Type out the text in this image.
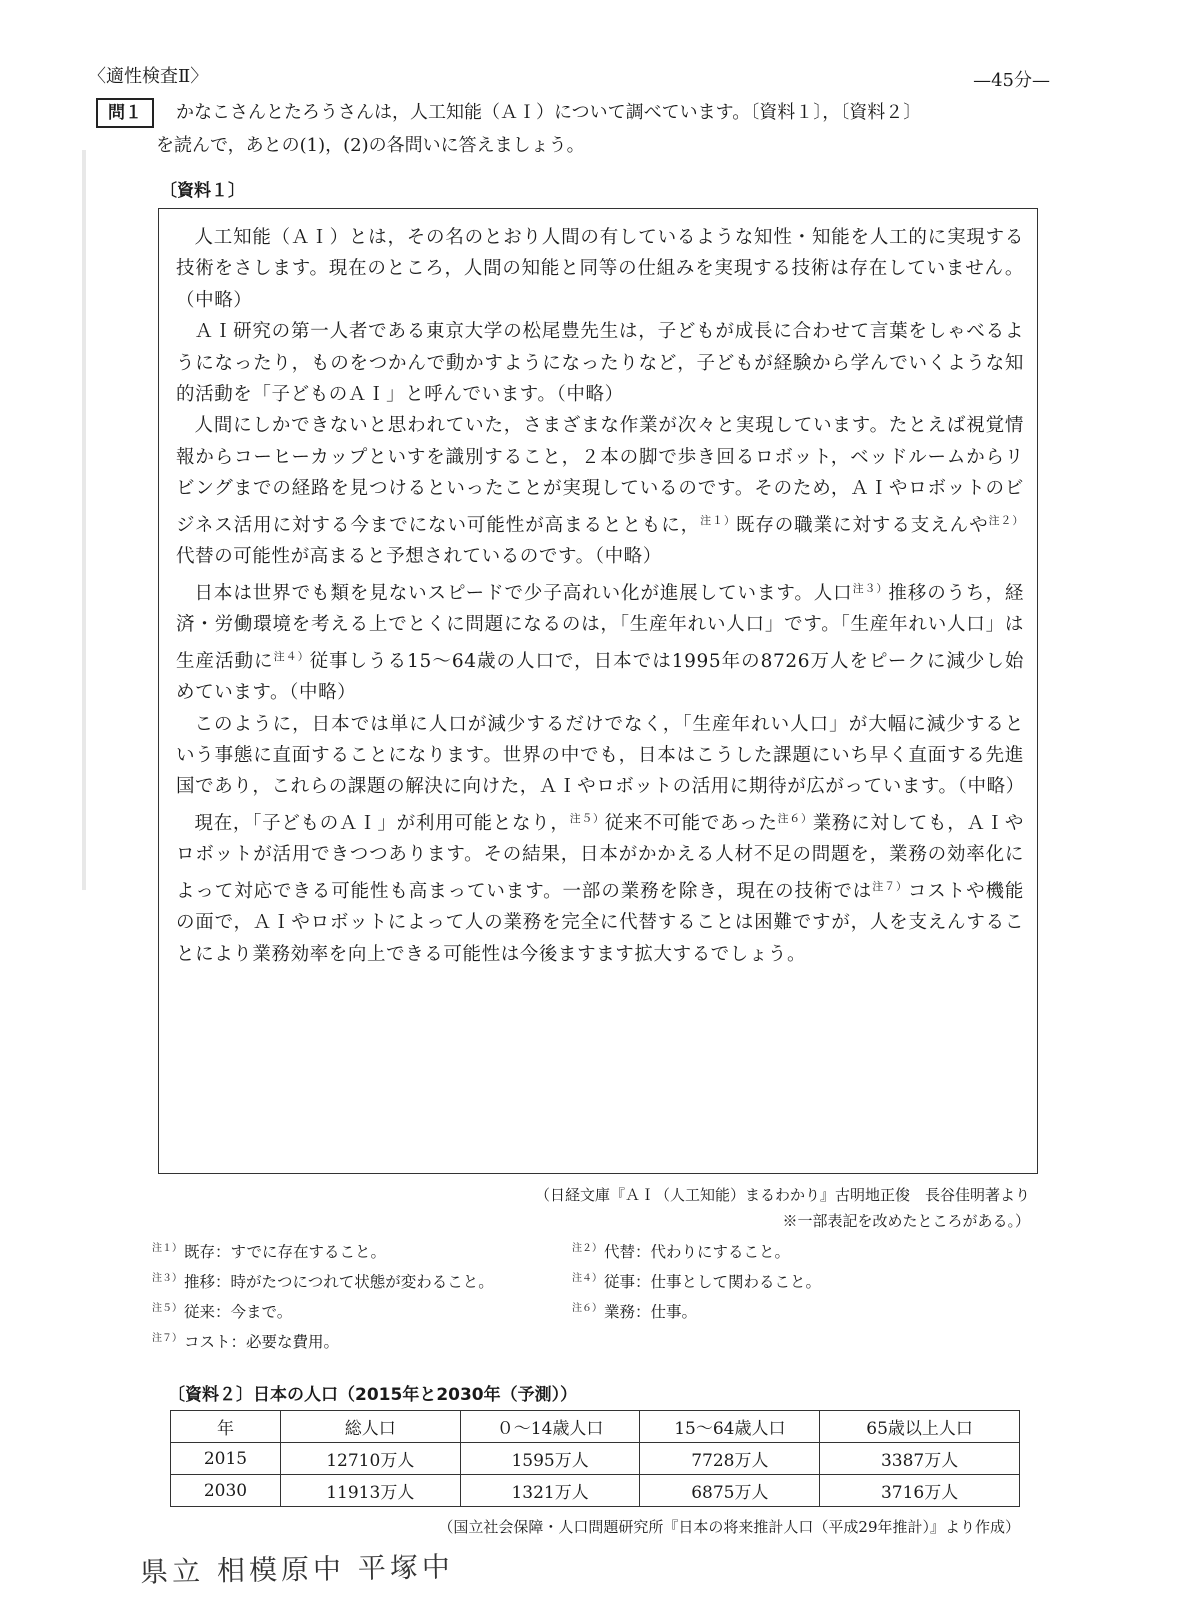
〈適性検査Ⅱ〉	—45分—
問１ かなこさんとたろうさんは，人工知能（ＡＩ）について調べています。〔資料１〕，〔資料２〕
を読んで，あとの(1)，(2)の各問いに答えましょう。
〔資料１〕

人工知能（ＡＩ）とは，その名のとおり人間の有しているような知性・知能を人工的に実現する技術をさします。現在のところ，人間の知能と同等の仕組みを実現する技術は存在していません。（中略）

ＡＩ研究の第一人者である東京大学の松尾豊先生は，子どもが成長に合わせて言葉をしゃべるようになったり，ものをつかんで動かすようになったりなど，子どもが経験から学んでいくような知的活動を「子どものＡＩ」と呼んでいます。（中略）

人間にしかできないと思われていた，さまざまな作業が次々と実現しています。たとえば視覚情報からコーヒーカップといすを識別すること，２本の脚で歩き回るロボット，ベッドルームからリビングまでの経路を見つけるといったことが実現しているのです。そのため，ＡＩやロボットのビジネス活用に対する今までにない可能性が高まるとともに，$^{注1)}$既存の職業に対する支えんや$^{注2)}$代替の可能性が高まると予想されているのです。（中略）

日本は世界でも類を見ないスピードで少子高れい化が進展しています。人口$^{注3)}$推移のうち，経済・労働環境を考える上でとくに問題になるのは，「生産年れい人口」です。「生産年れい人口」は生産活動に$^{注4)}$従事しうる15～64歳の人口で，日本では1995年の8726万人をピークに減少し始めています。（中略）

このように，日本では単に人口が減少するだけでなく，「生産年れい人口」が大幅に減少するという事態に直面することになります。世界の中でも，日本はこうした課題にいち早く直面する先進国であり，これらの課題の解決に向けた，ＡＩやロボットの活用に期待が広がっています。（中略）

現在，「子どものＡＩ」が利用可能となり，$^{注5)}$従来不可能であった$^{注6)}$業務に対しても，ＡＩやロボットが活用できつつあります。その結果，日本がかかえる人材不足の問題を，業務の効率化によって対応できる可能性も高まっています。一部の業務を除き，現在の技術では$^{注7)}$コストや機能の面で，ＡＩやロボットによって人の業務を完全に代替することは困難ですが，人を支えんすることにより業務効率を向上できる可能性は今後ますます拡大するでしょう。

（日経文庫『ＡＩ（人工知能）まるわかり』古明地正俊　長谷佳明著より
※一部表記を改めたところがある。）
$^{注1)}$ 既存：すでに存在すること。	$^{注2)}$ 代替：代わりにすること。
$^{注3)}$ 推移：時がたつにつれて状態が変わること。	$^{注4)}$ 従事：仕事として関わること。
$^{注5)}$ 従来：今まで。	$^{注6)}$ 業務：仕事。
$^{注7)}$ コスト：必要な費用。
〔資料２〕日本の人口（2015年と2030年（予測））
年	総人口	０～14歳人口	15～64歳人口	65歳以上人口
2015	12710万人	1595万人	7728万人	3387万人
2030	11913万人	1321万人	6875万人	3716万人
（国立社会保障・人口問題研究所『日本の将来推計人口（平成29年推計）』より作成）
県立 相模原中 平塚中
